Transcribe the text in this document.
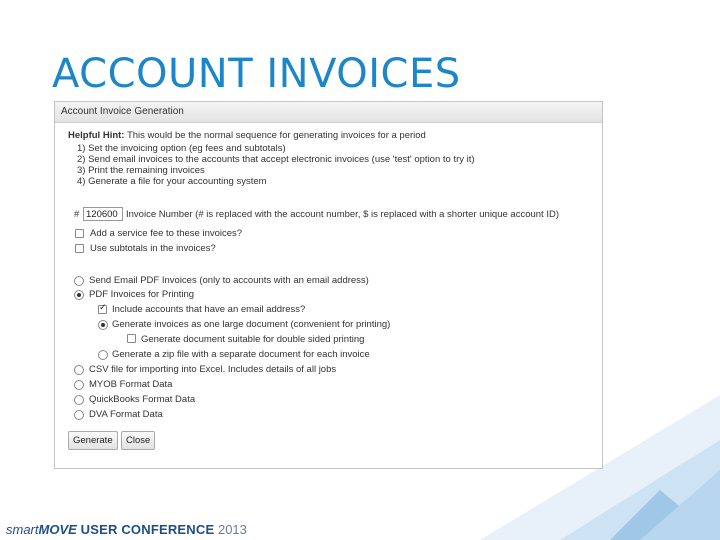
ACCOUNT INVOICES
Account Invoice Generation
Helpful Hint: This would be the normal sequence for generating invoices for a period
1) Set the invoicing option (eg fees and subtotals)
2) Send email invoices to the accounts that accept electronic invoices (use 'test' option to try it)
3) Print the remaining invoices
4) Generate a file for your accounting system
#
120600	Invoice Number (# is replaced with the account number, $ is replaced with a shorter unique account ID)
Add a service fee to these invoices?
Use subtotals in the invoices?
Send Email PDF Invoices (only to accounts with an email address)
PDF Invoices for Printing
✓
Include accounts that have an email address?
Generate invoices as one large document (convenient for printing)
Generate document suitable for double sided printing
Generate a zip file with a separate document for each invoice
CSV file for importing into Excel. Includes details of all jobs
MYOB Format Data
QuickBooks Format Data
DVA Format Data
Generate	Close
smartMOVE USER CONFERENCE 2013
